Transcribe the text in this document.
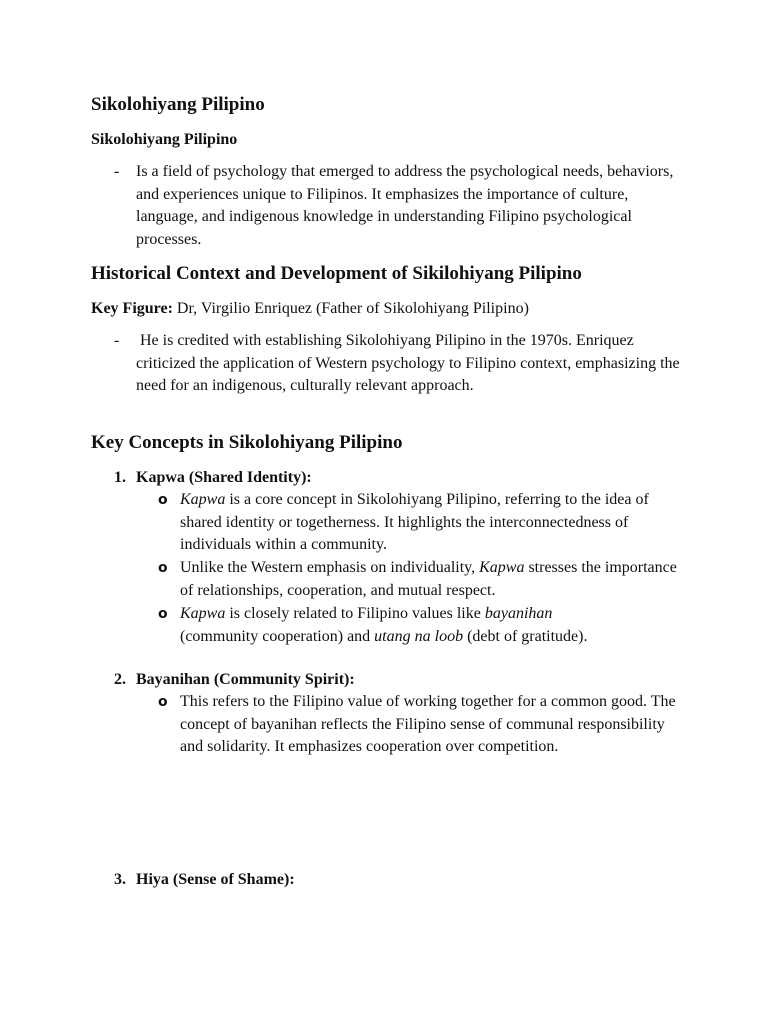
Sikolohiyang Pilipino
Sikolohiyang Pilipino
- Is a field of psychology that emerged to address the psychological needs, behaviors, and experiences unique to Filipinos. It emphasizes the importance of culture, language, and indigenous knowledge in understanding Filipino psychological processes.
Historical Context and Development of Sikilohiyang Pilipino
Key Figure: Dr, Virgilio Enriquez (Father of Sikolohiyang Pilipino)
- He is credited with establishing Sikolohiyang Pilipino in the 1970s. Enriquez criticized the application of Western psychology to Filipino context, emphasizing the need for an indigenous, culturally relevant approach.
Key Concepts in Sikolohiyang Pilipino
1. Kapwa (Shared Identity):
o Kapwa is a core concept in Sikolohiyang Pilipino, referring to the idea of shared identity or togetherness. It highlights the interconnectedness of individuals within a community.
o Unlike the Western emphasis on individuality, Kapwa stresses the importance of relationships, cooperation, and mutual respect.
o Kapwa is closely related to Filipino values like bayanihan
(community cooperation) and utang na loob (debt of gratitude).
2. Bayanihan (Community Spirit):
o This refers to the Filipino value of working together for a common good. The concept of bayanihan reflects the Filipino sense of communal responsibility and solidarity. It emphasizes cooperation over competition.
3. Hiya (Sense of Shame):
